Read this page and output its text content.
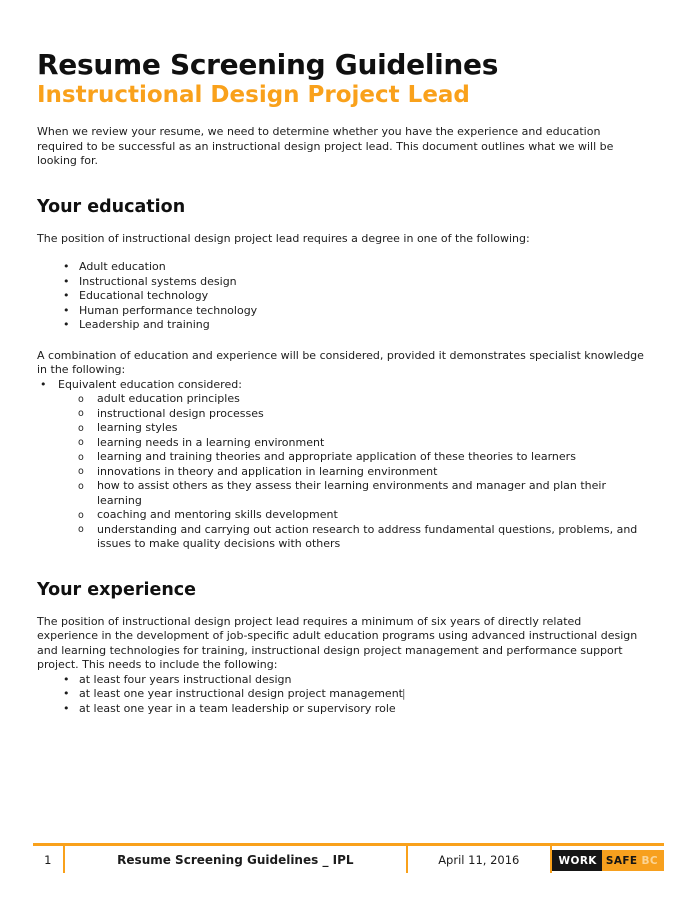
Resume Screening Guidelines
Instructional Design Project Lead

When we review your resume, we need to determine whether you have the experience and education required to be successful as an instructional design project lead. This document outlines what we will be looking for.

Your education

The position of instructional design project lead requires a degree in one of the following:

• Adult education
• Instructional systems design
• Educational technology
• Human performance technology
• Leadership and training

A combination of education and experience will be considered, provided it demonstrates specialist knowledge in the following:

• Equivalent education considered:
o adult education principles
o instructional design processes
o learning styles
o learning needs in a learning environment
o learning and training theories and appropriate application of these theories to learners
o innovations in theory and application in learning environment
o how to assist others as they assess their learning environments and manager and plan their learning
o coaching and mentoring skills development
o understanding and carrying out action research to address fundamental questions, problems, and issues to make quality decisions with others
Your experience

The position of instructional design project lead requires a minimum of six years of directly related experience in the development of job-specific adult education programs using advanced instructional design and learning technologies for training, instructional design project management and performance support project. This needs to include the following:

• at least four years instructional design
• at least one year instructional design project management|
• at least one year in a team leadership or supervisory role
1	Resume Screening Guidelines _ IPL	April 11, 2016	WORK SAFE BC
